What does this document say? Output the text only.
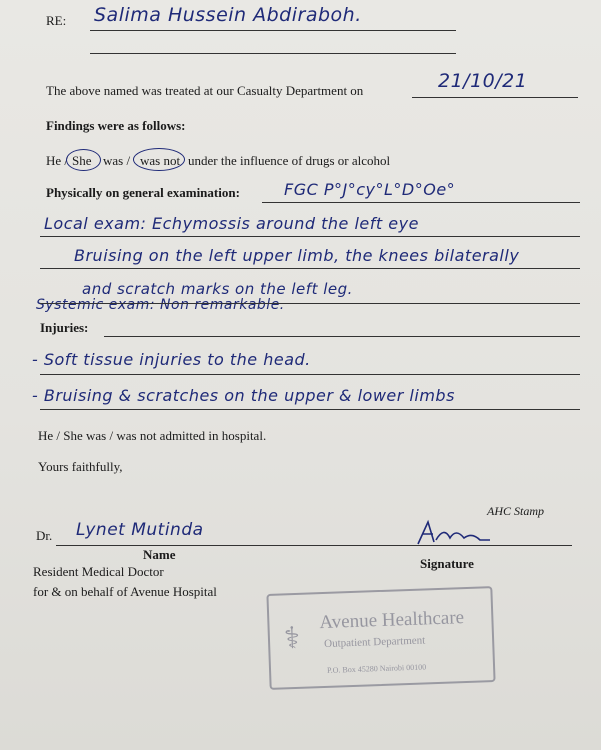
RE: Salima Hussein Abdiraboh.
The above named was treated at our Casualty Department on	21/10/21
Findings were as follows:
He / She was / was not under the influence of drugs or alcohol
Physically on general examination:	FGC P°J°cy°L°D°Oe°
Local exam: Echymossis around the left eye
Bruising on the left upper limb, the knees bilaterally
and scratch marks on the left leg.
Systemic exam: Non remarkable.
Injuries:
- Soft tissue injuries to the head.
- Bruising & scratches on the upper & lower limbs
He / She was / was not admitted in hospital.
Yours faithfully,
AHC Stamp
Dr. Lynet Mutinda
Name
Signature
Resident Medical Doctor
for & on behalf of Avenue Hospital
⚕
Avenue Healthcare
Outpatient Department
P.O. Box 45280 Nairobi 00100
